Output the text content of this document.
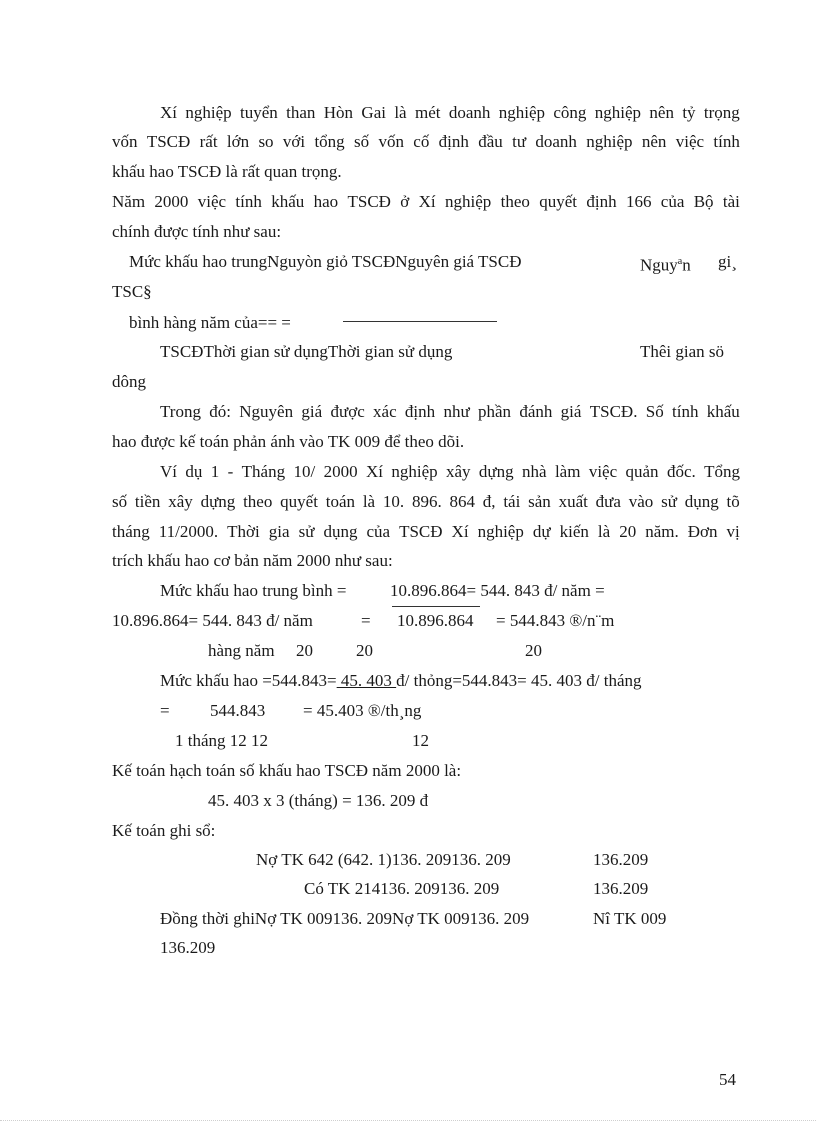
Xí nghiệp tuyển than Hòn Gai là mét doanh nghiệp công nghiệp nên tỷ trọng
vốn TSCĐ rất lớn so với tổng số vốn cố định đầu tư doanh nghiệp nên việc tính
khấu hao TSCĐ là rất quan trọng.
Năm 2000 việc tính khấu hao TSCĐ ở Xí nghiệp theo quyết định 166 của Bộ tài
chính được tính như sau:
Mức khấu hao trungNguyòn giỏ TSCĐNguyên giá TSCĐ	Nguy$^a$n gi¸
TSC§
bình hàng năm của== =
TSCĐThời gian sử dụngThời gian sử dụng	Thêi gian sö
dông
Trong đó: Nguyên giá được xác định như phần đánh giá TSCĐ. Số tính khấu
hao được kế toán phản ánh vào TK 009 để theo dõi.
Ví dụ 1 - Tháng 10/ 2000 Xí nghiệp xây dựng nhà làm việc quản đốc. Tổng
số tiền xây dựng theo quyết toán là 10. 896. 864 đ, tái sản xuất đưa vào sử dụng tõ
tháng 11/2000. Thời gia sử dụng của TSCĐ Xí nghiệp dự kiến là 20 năm. Đơn vị
trích khấu hao cơ bản năm 2000 như sau:
Mức khấu hao trung bình =	10.896.864= 544. 843 đ/ năm =
10.896.864= 544. 843 đ/ năm	= 10.896.864 = 544.843 ®/n¨m
hàng năm 20	20	20
Mức khấu hao =544.843= 45. 403 đ/ thỏng=544.843= 45. 403 đ/ tháng
= 544.843 = 45.403 ®/th¸ng
1 tháng 12 12	12
Kế toán hạch toán số khấu hao TSCĐ năm 2000 là:
45. 403 x 3 (tháng) = 136. 209 đ
Kế toán ghi sổ:
Nợ TK 642 (642. 1)136. 209136. 209	136.209
Có TK 214136. 209136. 209	136.209
Đồng thời ghiNợ TK 009136. 209Nợ TK 009136. 209	Nî TK 009
136.209
54
